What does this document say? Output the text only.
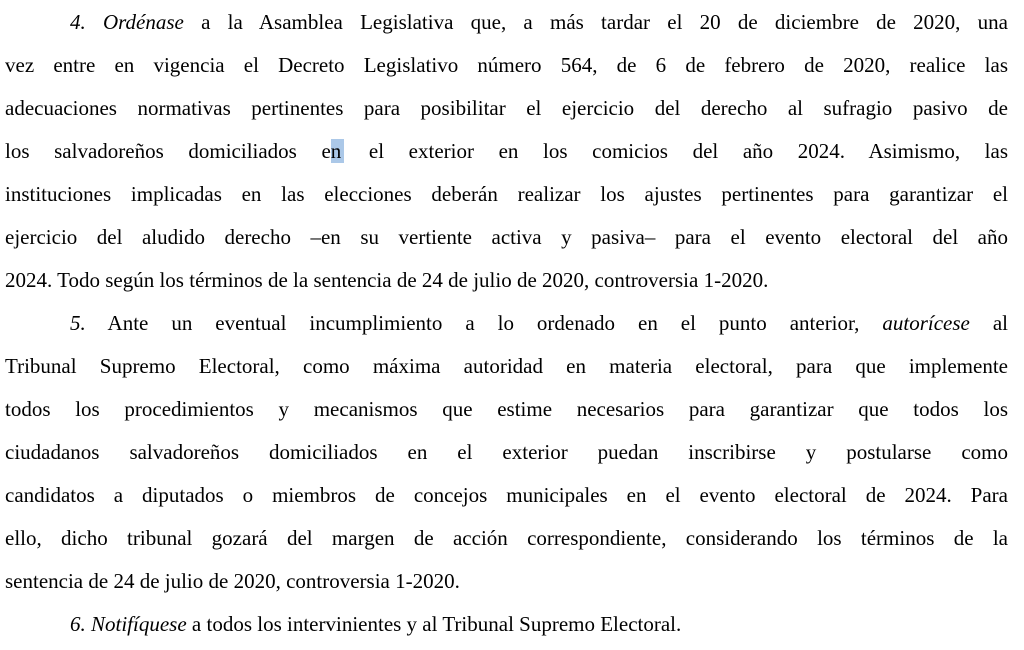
4. Ordénase a la Asamblea Legislativa que, a más tardar el 20 de diciembre de 2020, una
vez entre en vigencia el Decreto Legislativo número 564, de 6 de febrero de 2020, realice las
adecuaciones normativas pertinentes para posibilitar el ejercicio del derecho al sufragio pasivo de
los salvadoreños domiciliados en el exterior en los comicios del año 2024. Asimismo, las
instituciones implicadas en las elecciones deberán realizar los ajustes pertinentes para garantizar el
ejercicio del aludido derecho –en su vertiente activa y pasiva– para el evento electoral del año
2024. Todo según los términos de la sentencia de 24 de julio de 2020, controversia 1-2020.
5. Ante un eventual incumplimiento a lo ordenado en el punto anterior, autorícese al
Tribunal Supremo Electoral, como máxima autoridad en materia electoral, para que implemente
todos los procedimientos y mecanismos que estime necesarios para garantizar que todos los
ciudadanos salvadoreños domiciliados en el exterior puedan inscribirse y postularse como
candidatos a diputados o miembros de concejos municipales en el evento electoral de 2024. Para
ello, dicho tribunal gozará del margen de acción correspondiente, considerando los términos de la
sentencia de 24 de julio de 2020, controversia 1-2020.
6. Notifíquese a todos los intervinientes y al Tribunal Supremo Electoral.
